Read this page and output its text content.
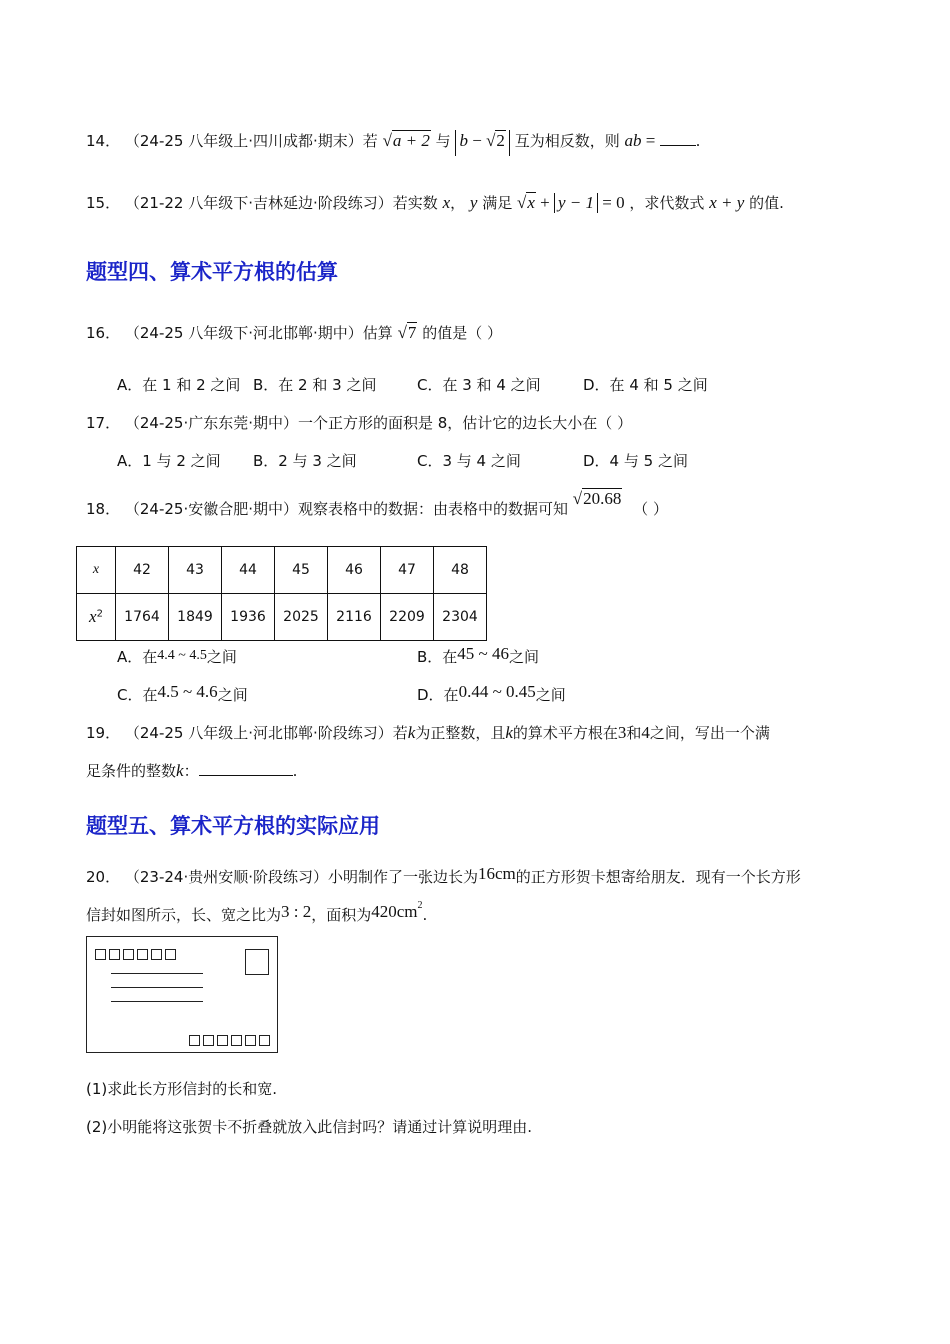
14． （24-25 八年级上·四川成都·期末）若 √a + 2 与 b − √2 互为相反数，则 ab = .
15． （21-22 八年级下·吉林延边·阶段练习）若实数 x， y 满足 √x + y − 1 = 0 ，求代数式 x + y 的值.
题型四、算术平方根的估算
16． （24-25 八年级下·河北邯郸·期中）估算 √7 的值是（ ）
A．在 1 和 2 之间 B．在 2 和 3 之间	C．在 3 和 4 之间	D．在 4 和 5 之间
17． （24-25·广东东莞·期中）一个正方形的面积是 8，估计它的边长大小在（ ）
A．1 与 2 之间 B．2 与 3 之间	C．3 与 4 之间	D．4 与 5 之间
18． （24-25·安徽合肥·期中）观察表格中的数据：由表格中的数据可知 √20.68 （ ）
x	42	43	44	45	46	47	48
$x^2$	1764	1849	1936	2025	2116	2209	2304
A．在4.4 ~ 4.5之间	B．在45 ~ 46之间
C．在4.5 ~ 4.6之间	D．在0.44 ~ 0.45之间
19． （24-25 八年级上·河北邯郸·阶段练习）若k为正整数，且k的算术平方根在3和4之间，写出一个满
足条件的整数k：	.
题型五、算术平方根的实际应用
20． （23-24·贵州安顺·阶段练习）小明制作了一张边长为16cm的正方形贺卡想寄给朋友．现有一个长方形
信封如图所示，长、宽之比为3 : 2，面积为$420cm^2$.
(1)求此长方形信封的长和宽.
(2)小明能将这张贺卡不折叠就放入此信封吗？请通过计算说明理由.
